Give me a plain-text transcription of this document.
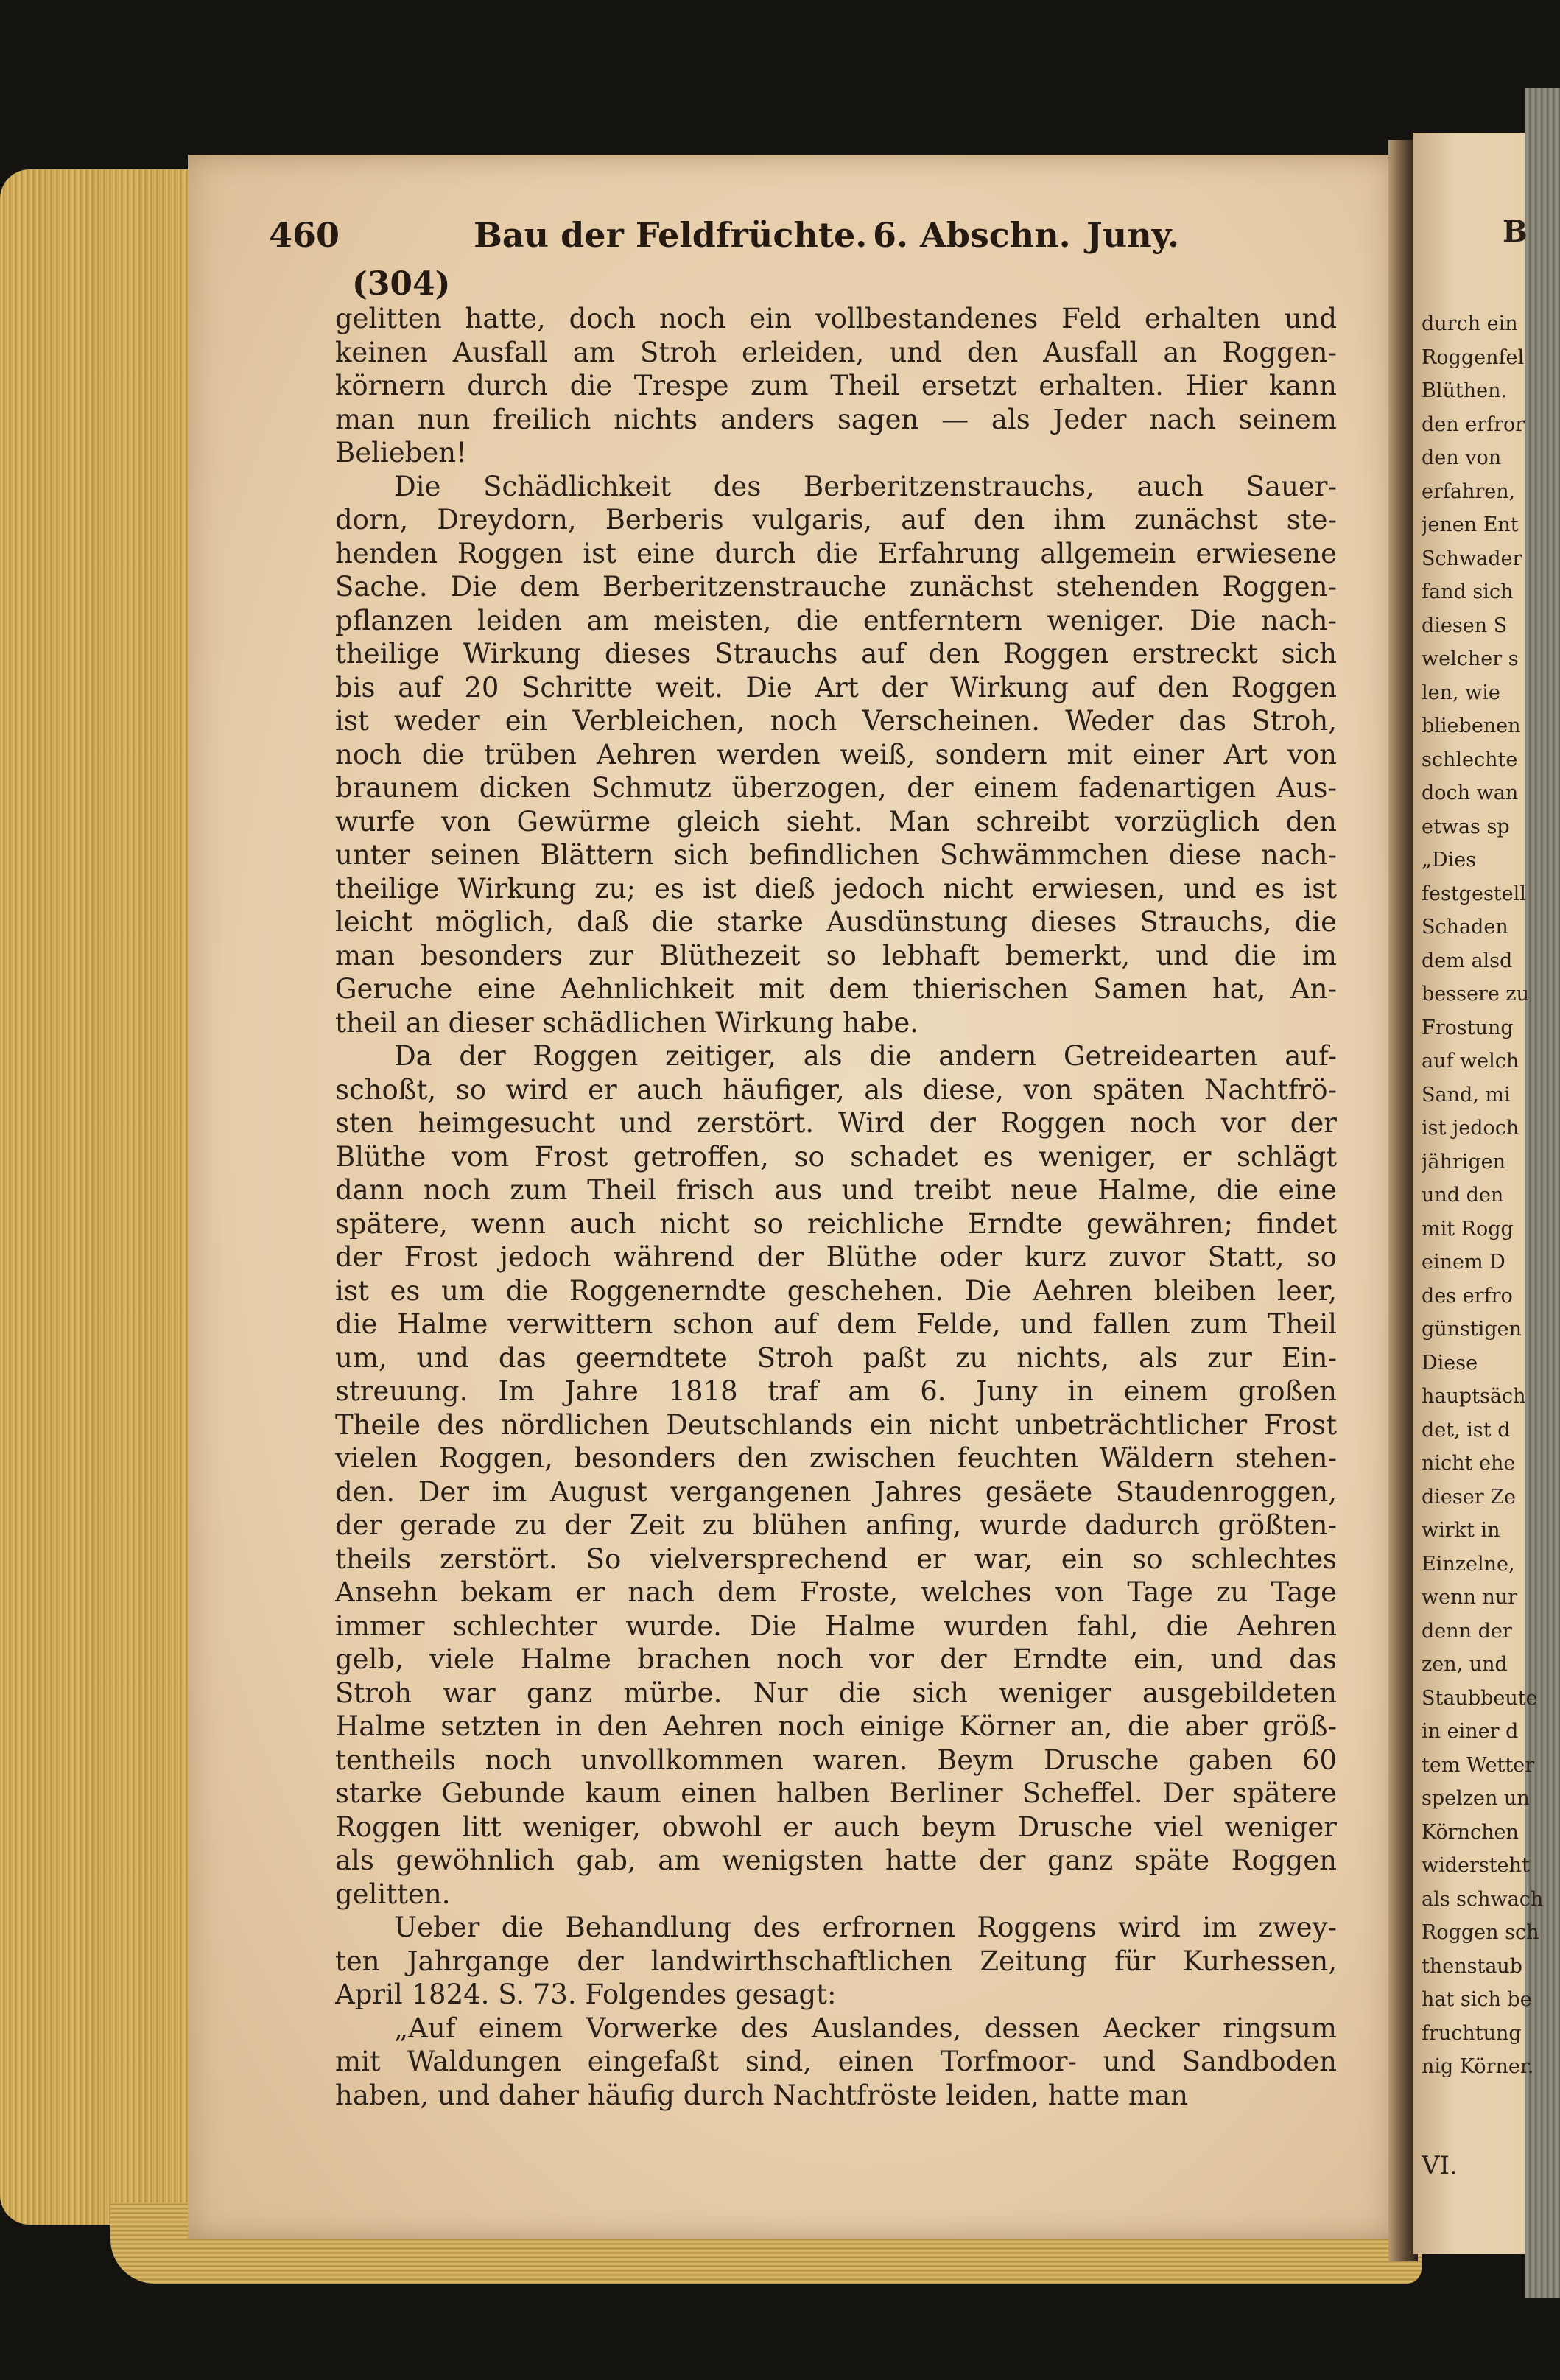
460	Bau der Feldfrüchte. 6. Abschn. Juny.
(304)
gelitten hatte, doch noch ein vollbestandenes Feld erhalten und
keinen Ausfall am Stroh erleiden, und den Ausfall an Roggen-
körnern durch die Trespe zum Theil ersetzt erhalten. Hier kann
man nun freilich nichts anders sagen — als Jeder nach seinem
Belieben!
Die Schädlichkeit des Berberitzenstrauchs, auch Sauer-
dorn, Dreydorn, Berberis vulgaris, auf den ihm zunächst ste-
henden Roggen ist eine durch die Erfahrung allgemein erwiesene
Sache. Die dem Berberitzenstrauche zunächst stehenden Roggen-
pflanzen leiden am meisten, die entferntern weniger. Die nach-
theilige Wirkung dieses Strauchs auf den Roggen erstreckt sich
bis auf 20 Schritte weit. Die Art der Wirkung auf den Roggen
ist weder ein Verbleichen, noch Verscheinen. Weder das Stroh,
noch die trüben Aehren werden weiß, sondern mit einer Art von
braunem dicken Schmutz überzogen, der einem fadenartigen Aus-
wurfe von Gewürme gleich sieht. Man schreibt vorzüglich den
unter seinen Blättern sich befindlichen Schwämmchen diese nach-
theilige Wirkung zu; es ist dieß jedoch nicht erwiesen, und es ist
leicht möglich, daß die starke Ausdünstung dieses Strauchs, die
man besonders zur Blüthezeit so lebhaft bemerkt, und die im
Geruche eine Aehnlichkeit mit dem thierischen Samen hat, An-
theil an dieser schädlichen Wirkung habe.
Da der Roggen zeitiger, als die andern Getreidearten auf-
schoßt, so wird er auch häufiger, als diese, von späten Nachtfrö-
sten heimgesucht und zerstört. Wird der Roggen noch vor der
Blüthe vom Frost getroffen, so schadet es weniger, er schlägt
dann noch zum Theil frisch aus und treibt neue Halme, die eine
spätere, wenn auch nicht so reichliche Erndte gewähren; findet
der Frost jedoch während der Blüthe oder kurz zuvor Statt, so
ist es um die Roggenerndte geschehen. Die Aehren bleiben leer,
die Halme verwittern schon auf dem Felde, und fallen zum Theil
um, und das geerndtete Stroh paßt zu nichts, als zur Ein-
streuung. Im Jahre 1818 traf am 6. Juny in einem großen
Theile des nördlichen Deutschlands ein nicht unbeträchtlicher Frost
vielen Roggen, besonders den zwischen feuchten Wäldern stehen-
den. Der im August vergangenen Jahres gesäete Staudenroggen,
der gerade zu der Zeit zu blühen anfing, wurde dadurch größten-
theils zerstört. So vielversprechend er war, ein so schlechtes
Ansehn bekam er nach dem Froste, welches von Tage zu Tage
immer schlechter wurde. Die Halme wurden fahl, die Aehren
gelb, viele Halme brachen noch vor der Erndte ein, und das
Stroh war ganz mürbe. Nur die sich weniger ausgebildeten
Halme setzten in den Aehren noch einige Körner an, die aber größ-
tentheils noch unvollkommen waren. Beym Drusche gaben 60
starke Gebunde kaum einen halben Berliner Scheffel. Der spätere
Roggen litt weniger, obwohl er auch beym Drusche viel weniger
als gewöhnlich gab, am wenigsten hatte der ganz späte Roggen
gelitten.
Ueber die Behandlung des erfrornen Roggens wird im zwey-
ten Jahrgange der landwirthschaftlichen Zeitung für Kurhessen,
April 1824. S. 73. Folgendes gesagt:
„Auf einem Vorwerke des Auslandes, dessen Aecker ringsum
mit Waldungen eingefaßt sind, einen Torfmoor- und Sandboden
haben, und daher häufig durch Nachtfröste leiden, hatte man
B
durch ein
Roggenfel
Blüthen.
den erfror
den von
erfahren,
jenen Ent
Schwader
fand sich
diesen S
welcher s
len, wie
bliebenen
schlechte
doch wan
etwas sp
„Dies
festgestell
Schaden
dem alsd
bessere zu
Frostung
auf welch
Sand, mi
ist jedoch
jährigen
und den
mit Rogg
einem D
des erfro
günstigen
Diese
hauptsäch
det, ist d
nicht ehe
dieser Ze
wirkt in
Einzelne,
wenn nur
denn der
zen, und
Staubbeute
in einer d
tem Wetter
spelzen un
Körnchen
widersteht
als schwach
Roggen sch
thenstaub
hat sich be
fruchtung
nig Körner.
VI.
